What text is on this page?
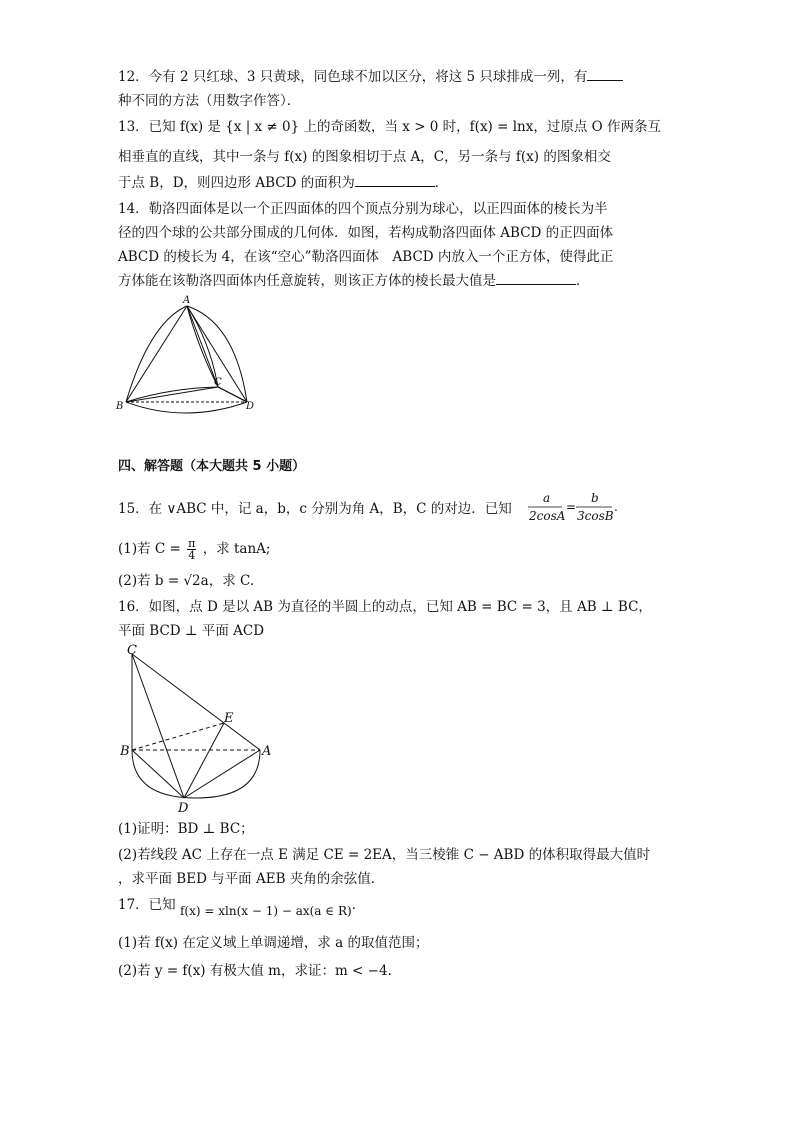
12．今有 2 只红球、3 只黄球，同色球不加以区分，将这 5 只球排成一列，有
种不同的方法（用数字作答）．
13．已知 f(x) 是 {x | x ≠ 0} 上的奇函数，当 x > 0 时，f(x) = lnx，过原点 O 作两条互
相垂直的直线，其中一条与 f(x) 的图象相切于点 A，C，另一条与 f(x) 的图象相交
于点 B，D，则四边形 ABCD 的面积为	．
14．勒洛四面体是以一个正四面体的四个顶点分别为球心，以正四面体的棱长为半
径的四个球的公共部分围成的几何体．如图，若构成勒洛四面体 ABCD 的正四面体
ABCD 的棱长为 4，在该“空心”勒洛四面体　ABCD 内放入一个正方体，使得此正
方体能在该勒洛四面体内任意旋转，则该正方体的棱长最大值是	．
A
B
C
D
四、解答题（本大题共 5 小题）
15．在 ∨ABC 中，记 a，b，c 分别为角 A，B，C 的对边．已知
a
2cosA
=
b
3cosB
.
(1)若 $C = \frac{\pi}{4}$ ，求 tanA;
(2)若 b = √2a，求 C.
16．如图，点 D 是以 AB 为直径的半圆上的动点，已知 AB = BC = 3，且 AB ⊥ BC，
平面 BCD ⊥ 平面 ACD
C
E
B	A
D
(1)证明：BD ⊥ BC；
(2)若线段 AC 上存在一点 E 满足 CE = 2EA，当三棱锥 C − ABD 的体积取得最大值时
，求平面 BED 与平面 AEB 夹角的余弦值．
17．已知 f(x) = xln(x − 1) − ax(a ∈ R)．
(1)若 f(x) 在定义域上单调递增，求 a 的取值范围；
(2)若 y = f(x) 有极大值 m，求证：m < −4.
